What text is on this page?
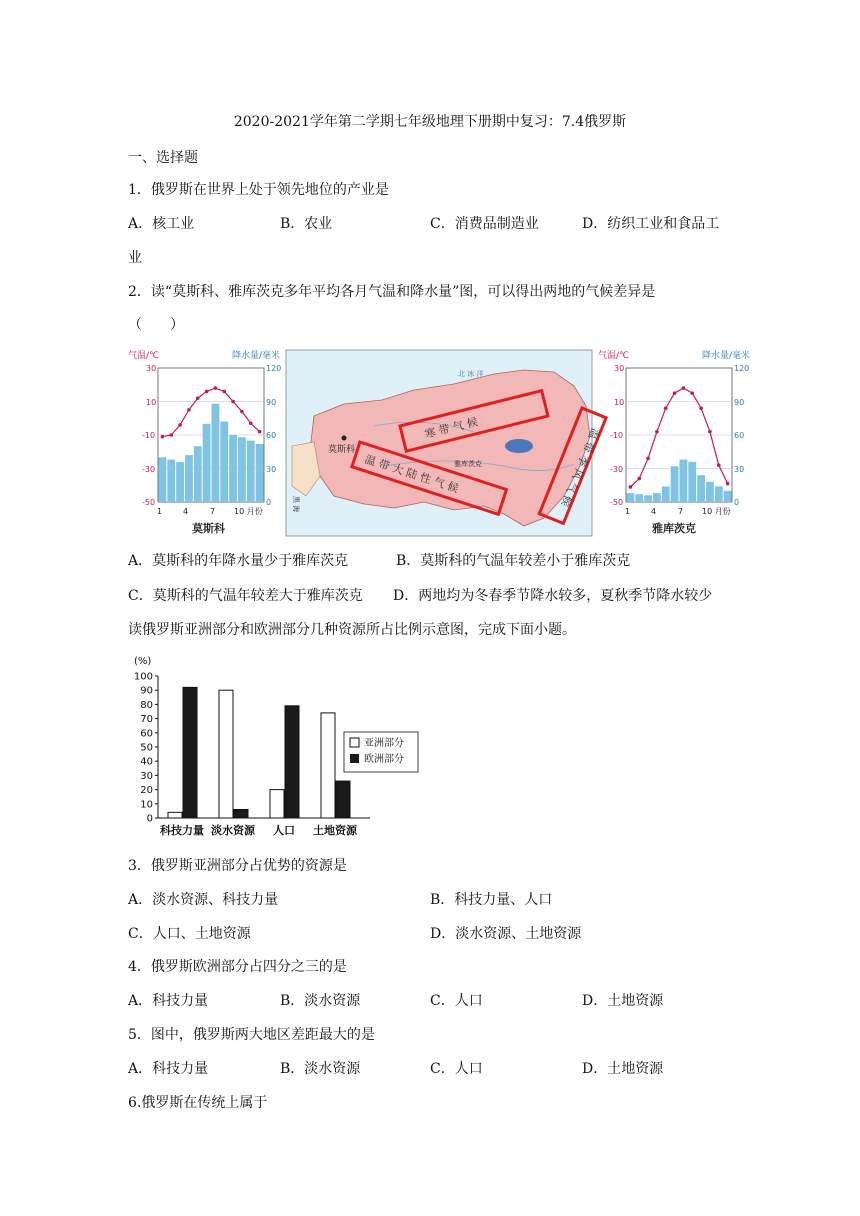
2020-2021学年第二学期七年级地理下册期中复习：7.4俄罗斯
一、选择题
1．俄罗斯在世界上处于领先地位的产业是
A．核工业	B．农业	C．消费品制造业	D．纺织工业和食品工
业
2．读“莫斯科、雅库茨克多年平均各月气温和降水量”图，可以得出两地的气候差异是
（　　）
气温/℃	降水量/毫米
30
10
-10
-30
-50
120
90
60
30
0
1	4	7 10 月份
莫斯科
北 冰 洋
莫斯科
雅库茨克
黑 海
寒 带 气 候
温 带 大 陆 性 气 候	温 带 季 风 气 候
气温/℃	降水量/毫米
30
10
-10
-30
-50
120
90
60
30
0
1	4	7 10 月份
雅库茨克
A．莫斯科的年降水量少于雅库茨克	B．莫斯科的气温年较差小于雅库茨克
C．莫斯科的气温年较差大于雅库茨克 D．两地均为冬春季节降水较多，夏秋季节降水较少
读俄罗斯亚洲部分和欧洲部分几种资源所占比例示意图，完成下面小题。
(%)
100
90
80
70
60
50
40
30
20
10
0
科技力量 淡水资源 人口 土地资源
亚洲部分
欧洲部分
3．俄罗斯亚洲部分占优势的资源是
A．淡水资源、科技力量	B．科技力量、人口
C．人口、土地资源	D．淡水资源、土地资源
4．俄罗斯欧洲部分占四分之三的是
A．科技力量	B．淡水资源	C．人口	D．土地资源
5．图中，俄罗斯两大地区差距最大的是
A．科技力量	B．淡水资源	C．人口	D．土地资源
6.俄罗斯在传统上属于
